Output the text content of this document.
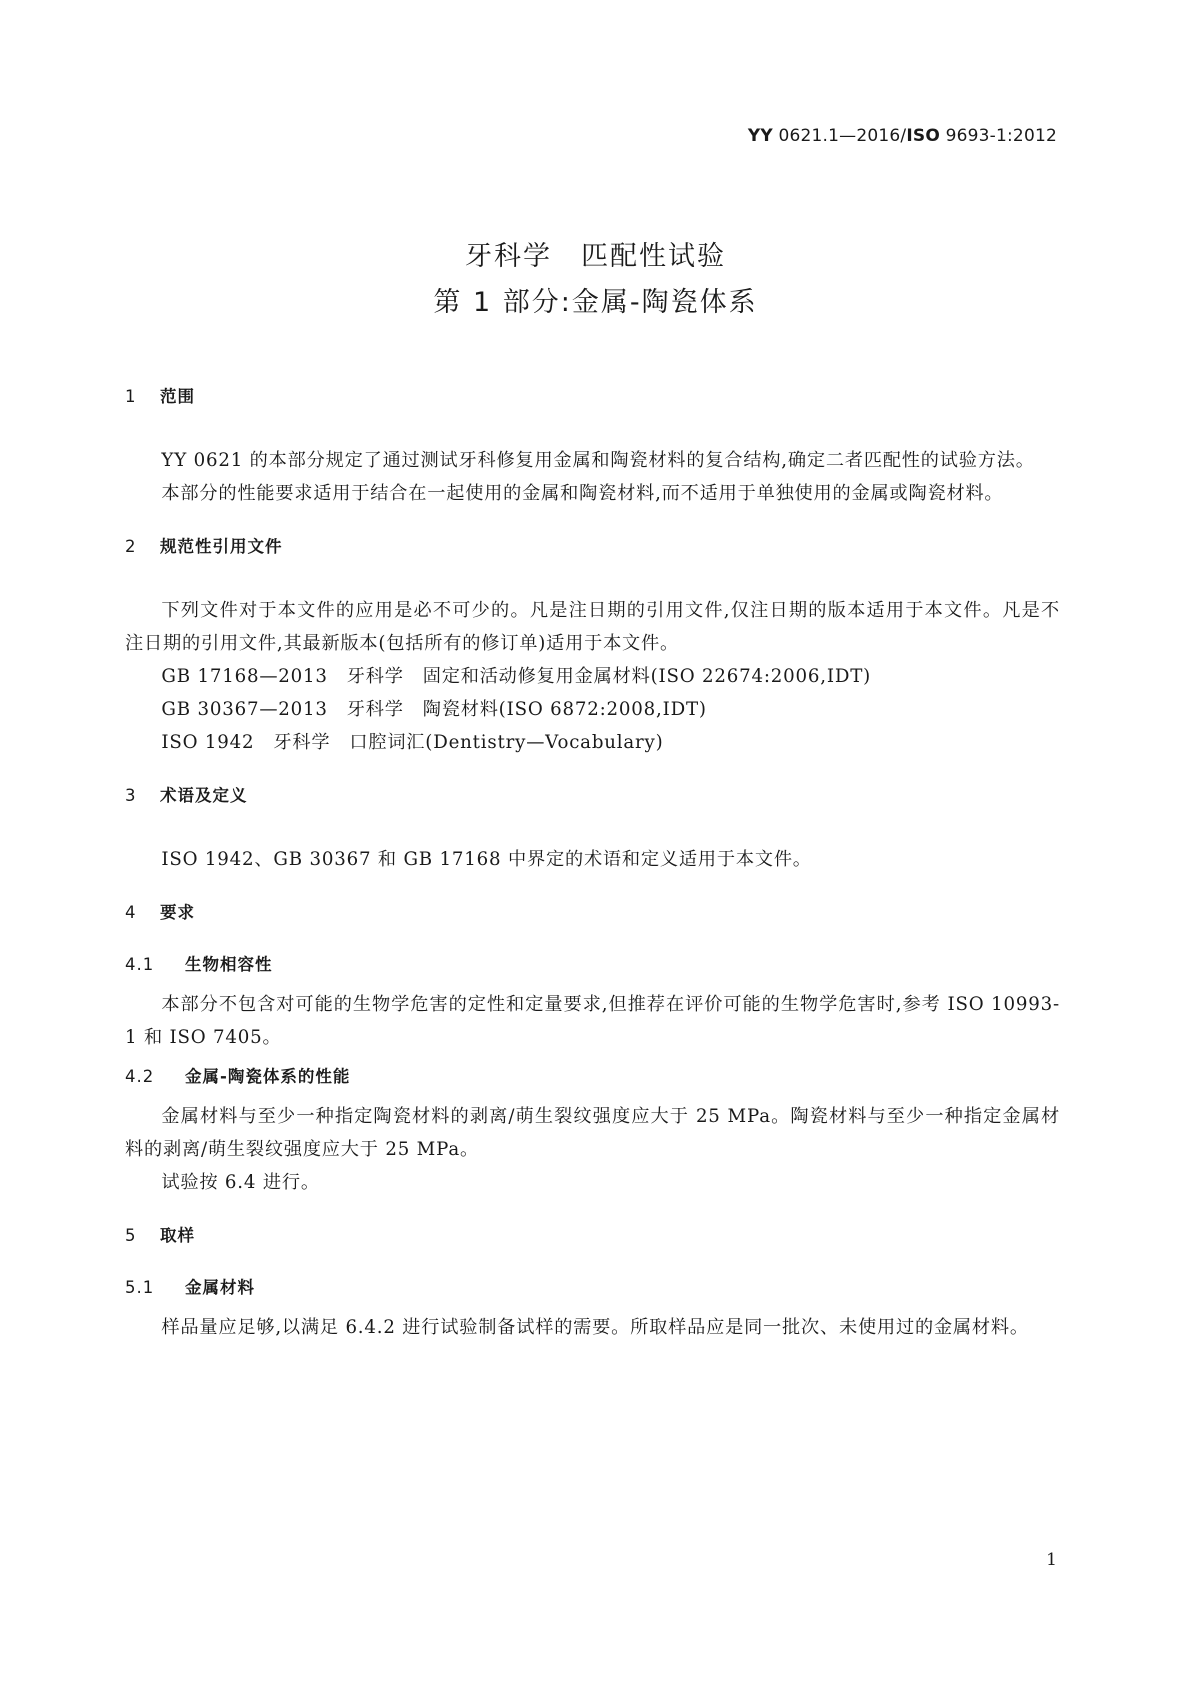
YY 0621.1—2016/ISO 9693-1:2012
牙科学　匹配性试验
第 1 部分:金属-陶瓷体系
1 范围
YY 0621 的本部分规定了通过测试牙科修复用金属和陶瓷材料的复合结构,确定二者匹配性的试验方法。
本部分的性能要求适用于结合在一起使用的金属和陶瓷材料,而不适用于单独使用的金属或陶瓷材料。
2 规范性引用文件
下列文件对于本文件的应用是必不可少的。凡是注日期的引用文件,仅注日期的版本适用于本文件。凡是不注日期的引用文件,其最新版本(包括所有的修订单)适用于本文件。
GB 17168—2013　牙科学　固定和活动修复用金属材料(ISO 22674:2006,IDT)
GB 30367—2013　牙科学　陶瓷材料(ISO 6872:2008,IDT)
ISO 1942　牙科学　口腔词汇(Dentistry—Vocabulary)
3 术语及定义
ISO 1942、GB 30367 和 GB 17168 中界定的术语和定义适用于本文件。
4 要求
4.1 生物相容性
本部分不包含对可能的生物学危害的定性和定量要求,但推荐在评价可能的生物学危害时,参考 ISO 10993-1 和 ISO 7405。
4.2 金属-陶瓷体系的性能
金属材料与至少一种指定陶瓷材料的剥离/萌生裂纹强度应大于 25 MPa。陶瓷材料与至少一种指定金属材料的剥离/萌生裂纹强度应大于 25 MPa。
试验按 6.4 进行。
5 取样
5.1 金属材料
样品量应足够,以满足 6.4.2 进行试验制备试样的需要。所取样品应是同一批次、未使用过的金属材料。
1
